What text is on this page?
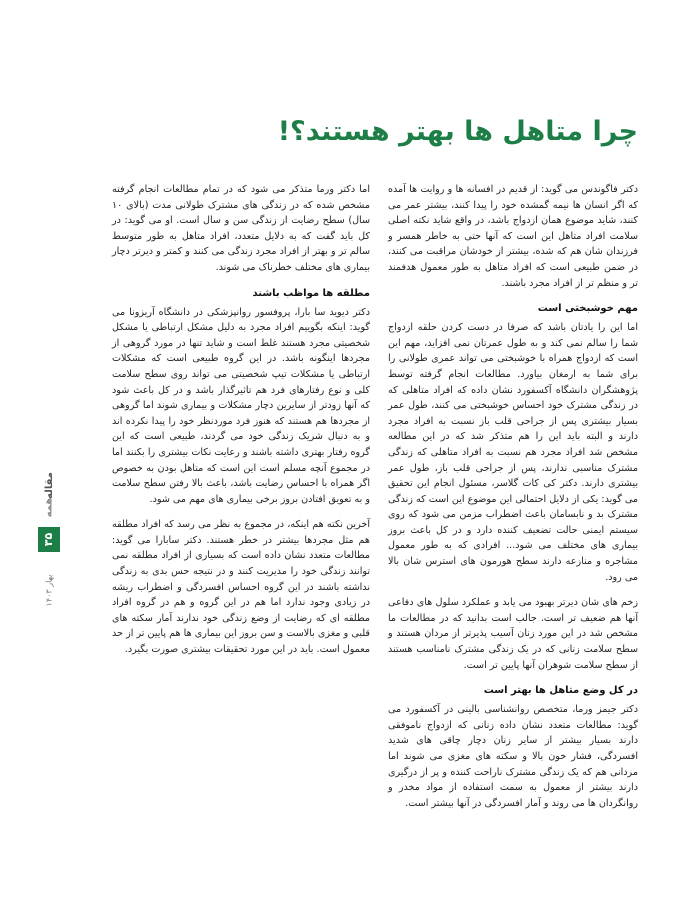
چرا متاهل ها بهتر هستند؟!

دکتر فاگوندس می گوید: از قدیم در افسانه ها و روایت ها آمده که اگر انسان ها نیمه گمشده خود را پیدا کنند، بیشتر عمر می کنند، شاید موضوع همان ازدواج باشد، در واقع شاید نکته اصلی سلامت افراد متاهل این است که آنها حتی به خاطر همسر و فرزندان شان هم که شده، بیشتر از خودشان مراقبت می کنند، در ضمن طبیعی است که افراد متاهل به طور معمول هدفمند تر و منظم تر از افراد مجرد باشند.

مهم خوشبختی است

اما این را یادتان باشد که صرفا در دست کردن حلقه ازدواج شما را سالم نمی کند و به طول عمرتان نمی افزاید، مهم این است که ازدواج همراه با خوشبختی می تواند عمری طولانی را برای شما به ارمغان بیاورد. مطالعات انجام گرفته توسط پژوهشگران دانشگاه آکسفورد نشان داده که افراد متاهلی که در زندگی مشترک خود احساس خوشبختی می کنند، طول عمر بسیار بیشتری پس از جراحی قلب باز نسبت به افراد مجرد دارند و البته باید این را هم متذکر شد که در این مطالعه مشخص شد افراد مجرد هم نسبت به افراد متاهلی که زندگی مشترک مناسبی ندارند، پس از جراحی قلب باز، طول عمر بیشتری دارند. دکتر کی کات گلاسر، مسئول انجام این تحقیق می گوید: یکی از دلایل احتمالی این موضوع این است که زندگی مشترک بد و نابسامان باعث اضطراب مزمن می شود که روی سیستم ایمنی حالت تضعیف کننده دارد و در کل باعث بروز بیماری های مختلف می شود... افرادی که به طور معمول مشاجره و منازعه دارند سطح هورمون های استرس شان بالا می رود.

زخم های شان دیرتر بهبود می یابد و عملکرد سلول های دفاعی آنها هم ضعیف تر است. جالب است بدانید که در مطالعات ما مشخص شد در این مورد زنان آسیب پذیرتر از مردان هستند و سطح سلامت زنانی که در یک زندگی مشترک نامناسب هستند از سطح سلامت شوهران آنها پایین تر است.

در کل وضع متاهل ها بهتر است

دکتر جیمز ورما، متخصص روانشناسی بالینی در آکسفورد می گوید: مطالعات متعدد نشان داده زنانی که ازدواج ناموفقی دارند بسیار بیشتر از سایر زنان دچار چاقی های شدید افسردگی، فشار خون بالا و سکته های مغزی می شوند اما مردانی هم که یک زندگی مشترک ناراحت کننده و پر از درگیری دارند بیشتر از معمول به سمت استفاده از مواد مخدر و روانگردان ها می روند و آمار افسردگی در آنها بیشتر است.

اما دکتر ورما متذکر می شود که در تمام مطالعات انجام گرفته مشخص شده که در زندگی های مشترک طولانی مدت (بالای ۱۰ سال) سطح رضایت از زندگی سن و سال است. او می گوید: در کل باید گفت که به دلایل متعدد، افراد متاهل به طور متوسط سالم تر و بهتر از افراد مجرد زندگی می کنند و کمتر و دیرتر دچار بیماری های مختلف خطرناک می شوند.

مطلقه ها مواظب باشند

دکتر دیوید سا بارا، پروفسور روانپزشکی در دانشگاه آریزونا می گوید: اینکه بگوییم افراد مجرد به دلیل مشکل ارتباطی یا مشکل شخصیتی مجرد هستند غلط است و شاید تنها در مورد گروهی از مجردها اینگونه باشد. در این گروه طبیعی است که مشکلات ارتباطی یا مشکلات تیپ شخصیتی می تواند روی سطح سلامت کلی و نوع رفتارهای فرد هم تاثیرگذار باشد و در کل باعث شود که آنها زودتر از سایرین دچار مشکلات و بیماری شوند اما گروهی از مجردها هم هستند که هنوز فرد موردنظر خود را پیدا نکرده اند و به دنبال شریک زندگی خود می گردند، طبیعی است که این گروه رفتار بهتری داشته باشند و رعایت نکات بیشتری را بکنند اما در مجموع آنچه مسلم است این است که متاهل بودن به خصوص اگر همراه با احساس رضایت باشد، باعث بالا رفتن سطح سلامت و به تعویق افتادن بروز برخی بیماری های مهم می شود.

آخرین نکته هم اینکه، در مجموع به نظر می رسد که افراد مطلقه هم مثل مجردها بیشتر در خطر هستند. دکتر سابارا می گوید: مطالعات متعدد نشان داده است که بسیاری از افراد مطلقه نمی توانند زندگی خود را مدیریت کنند و در نتیجه حس بدی به زندگی نداشته باشند در این گروه احساس افسردگی و اضطراب ریشه در زیادی وجود ندارد اما هم در این گروه و هم در گروه افراد مطلقه ای که رضایت از وضع زندگی خود ندارند آمار سکته های قلبی و مغزی بالاست و سن بروز این بیماری ها هم پایین تر از حد معمول است. باید در این مورد تحقیقات بیشتری صورت بگیرد.

مقاله
همه
۳۵
بهار ۱۴۰۳
